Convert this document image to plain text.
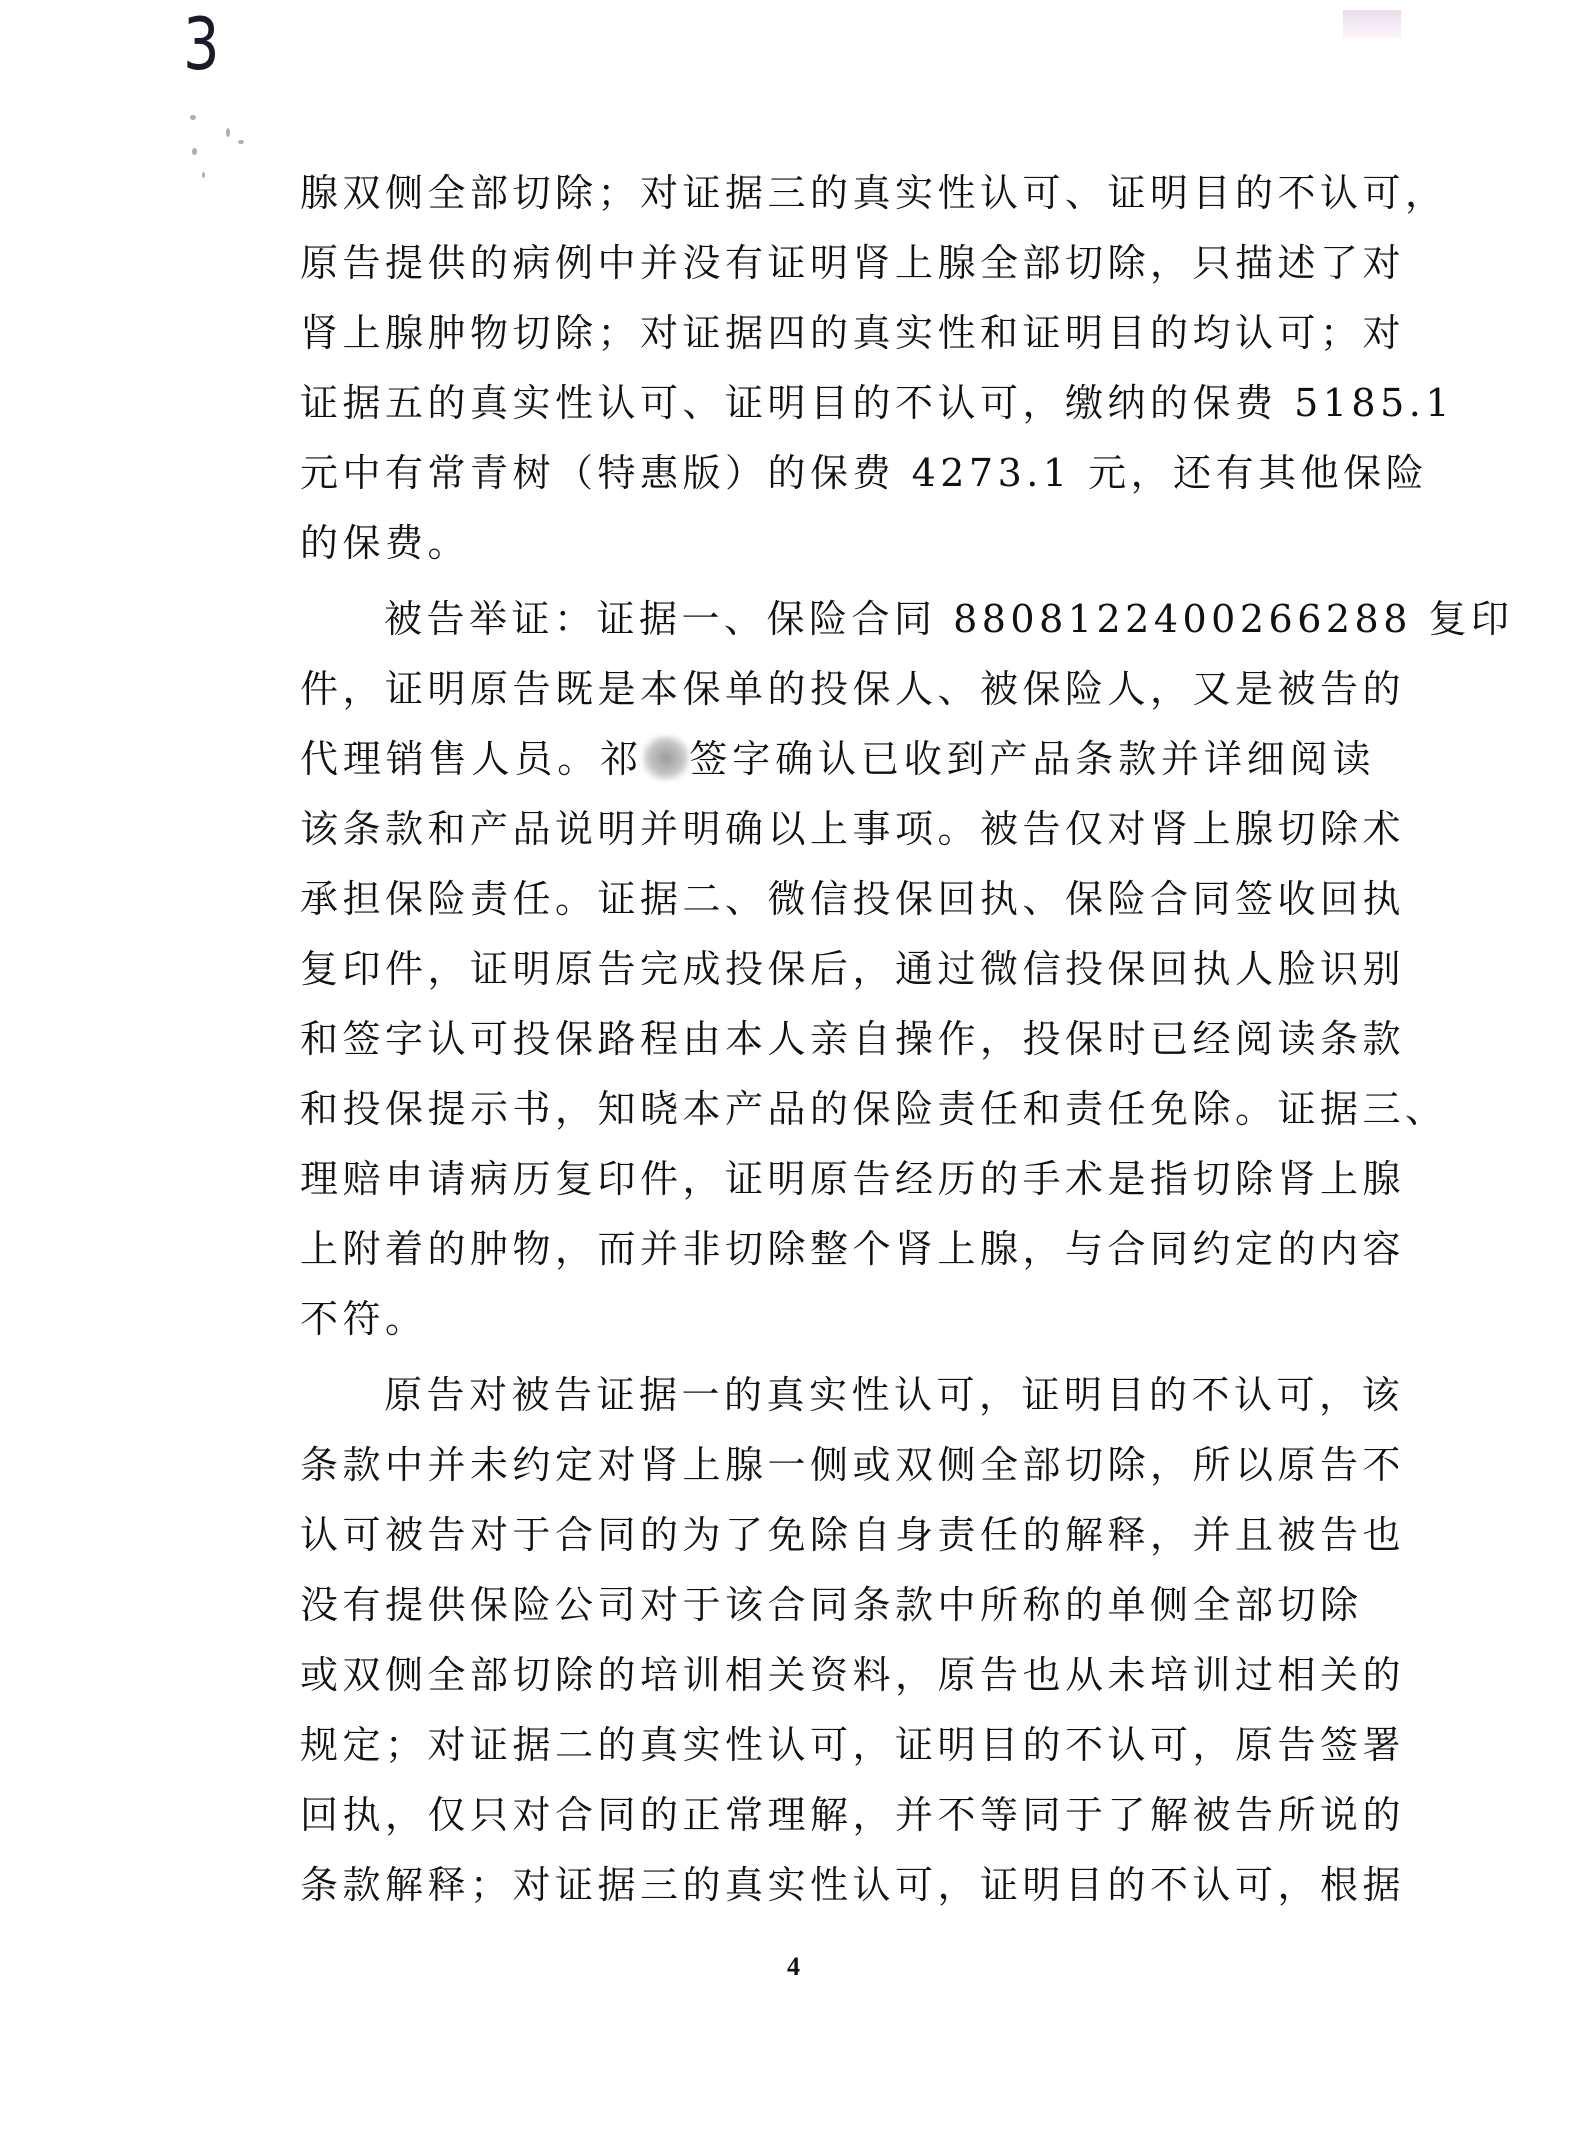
3
腺双侧全部切除；对证据三的真实性认可、证明目的不认可，
原告提供的病例中并没有证明肾上腺全部切除，只描述了对
肾上腺肿物切除；对证据四的真实性和证明目的均认可；对
证据五的真实性认可、证明目的不认可，缴纳的保费 5185.1
元中有常青树（特惠版）的保费 4273.1 元，还有其他保险
的保费。
被告举证：证据一、保险合同 8808122400266288 复印
件，证明原告既是本保单的投保人、被保险人，又是被告的
代理销售人员。祁 签字确认已收到产品条款并详细阅读
该条款和产品说明并明确以上事项。被告仅对肾上腺切除术
承担保险责任。证据二、微信投保回执、保险合同签收回执
复印件，证明原告完成投保后，通过微信投保回执人脸识别
和签字认可投保路程由本人亲自操作，投保时已经阅读条款
和投保提示书，知晓本产品的保险责任和责任免除。证据三、
理赔申请病历复印件，证明原告经历的手术是指切除肾上腺
上附着的肿物，而并非切除整个肾上腺，与合同约定的内容
不符。
原告对被告证据一的真实性认可，证明目的不认可，该
条款中并未约定对肾上腺一侧或双侧全部切除，所以原告不
认可被告对于合同的为了免除自身责任的解释，并且被告也
没有提供保险公司对于该合同条款中所称的单侧全部切除
或双侧全部切除的培训相关资料，原告也从未培训过相关的
规定；对证据二的真实性认可，证明目的不认可，原告签署
回执，仅只对合同的正常理解，并不等同于了解被告所说的
条款解释；对证据三的真实性认可，证明目的不认可，根据
4
